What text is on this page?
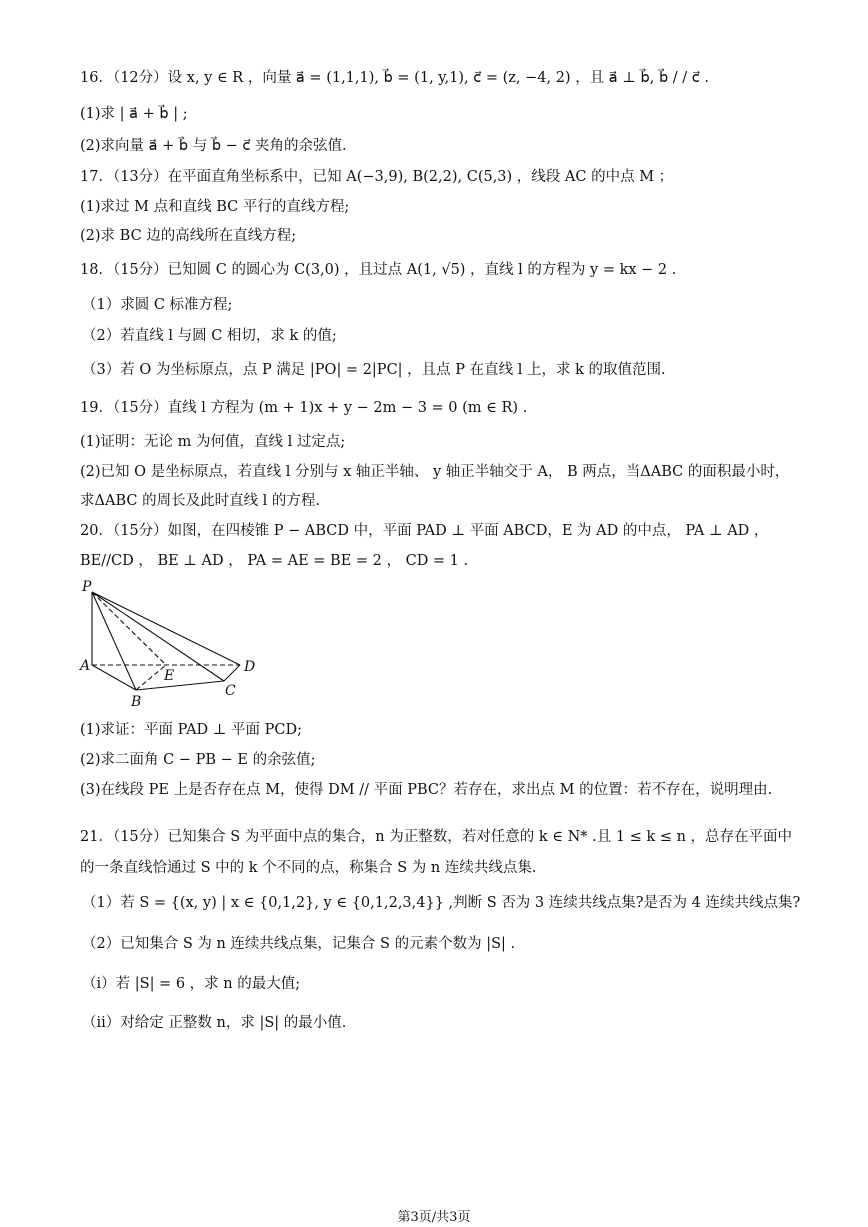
16．（12分）设 x, y ∈ R ，向量 a⃗ = (1,1,1), b⃗ = (1, y,1), c⃗ = (z, −4, 2) ，且 a⃗ ⊥ b⃗, b⃗ / / c⃗ .
(1)求 | a⃗ + b⃗ | ;
(2)求向量 a⃗ + b⃗ 与 b⃗ − c⃗ 夹角的余弦值.
17．（13分）在平面直角坐标系中，已知 A(−3,9), B(2,2), C(5,3) ，线段 AC 的中点 M ；
(1)求过 M 点和直线 BC 平行的直线方程;
(2)求 BC 边的高线所在直线方程;
18．（15分）已知圆 C 的圆心为 C(3,0) ，且过点 A(1, √5) ，直线 l 的方程为 y = kx − 2 .
（1）求圆 C 标准方程;
（2）若直线 l 与圆 C 相切，求 k 的值;
（3）若 O 为坐标原点，点 P 满足 |PO| = 2|PC| ，且点 P 在直线 l 上，求 k 的取值范围.
19．（15分）直线 l 方程为 (m + 1)x + y − 2m − 3 = 0 (m ∈ R) .
(1)证明：无论 m 为何值，直线 l 过定点;
(2)已知 O 是坐标原点，若直线 l 分别与 x 轴正半轴、 y 轴正半轴交于 A， B 两点，当ΔABC 的面积最小时，
求ΔABC 的周长及此时直线 l 的方程.
20．（15分）如图，在四棱锥 P − ABCD 中，平面 PAD ⊥ 平面 ABCD，E 为 AD 的中点， PA ⊥ AD ，
BE//CD ， BE ⊥ AD ， PA = AE = BE = 2 ， CD = 1 .
P
A
E
D
B
C
(1)求证：平面 PAD ⊥ 平面 PCD;
(2)求二面角 C − PB − E 的余弦值;
(3)在线段 PE 上是否存在点 M，使得 DM // 平面 PBC？若存在，求出点 M 的位置：若不存在，说明理由.
21．（15分）已知集合 S 为平面中点的集合，n 为正整数，若对任意的 k ∈ N* .且 1 ≤ k ≤ n ，总存在平面中
的一条直线恰通过 S 中的 k 个不同的点，称集合 S 为 n 连续共线点集.
（1）若 S = {(x, y) | x ∈ {0,1,2}, y ∈ {0,1,2,3,4}} ,判断 S 否为 3 连续共线点集?是否为 4 连续共线点集?
（2）已知集合 S 为 n 连续共线点集，记集合 S 的元素个数为 |S| .
（i）若 |S| = 6 ，求 n 的最大值;
（ii）对给定 正整数 n，求 |S| 的最小值.
第3页/共3页
